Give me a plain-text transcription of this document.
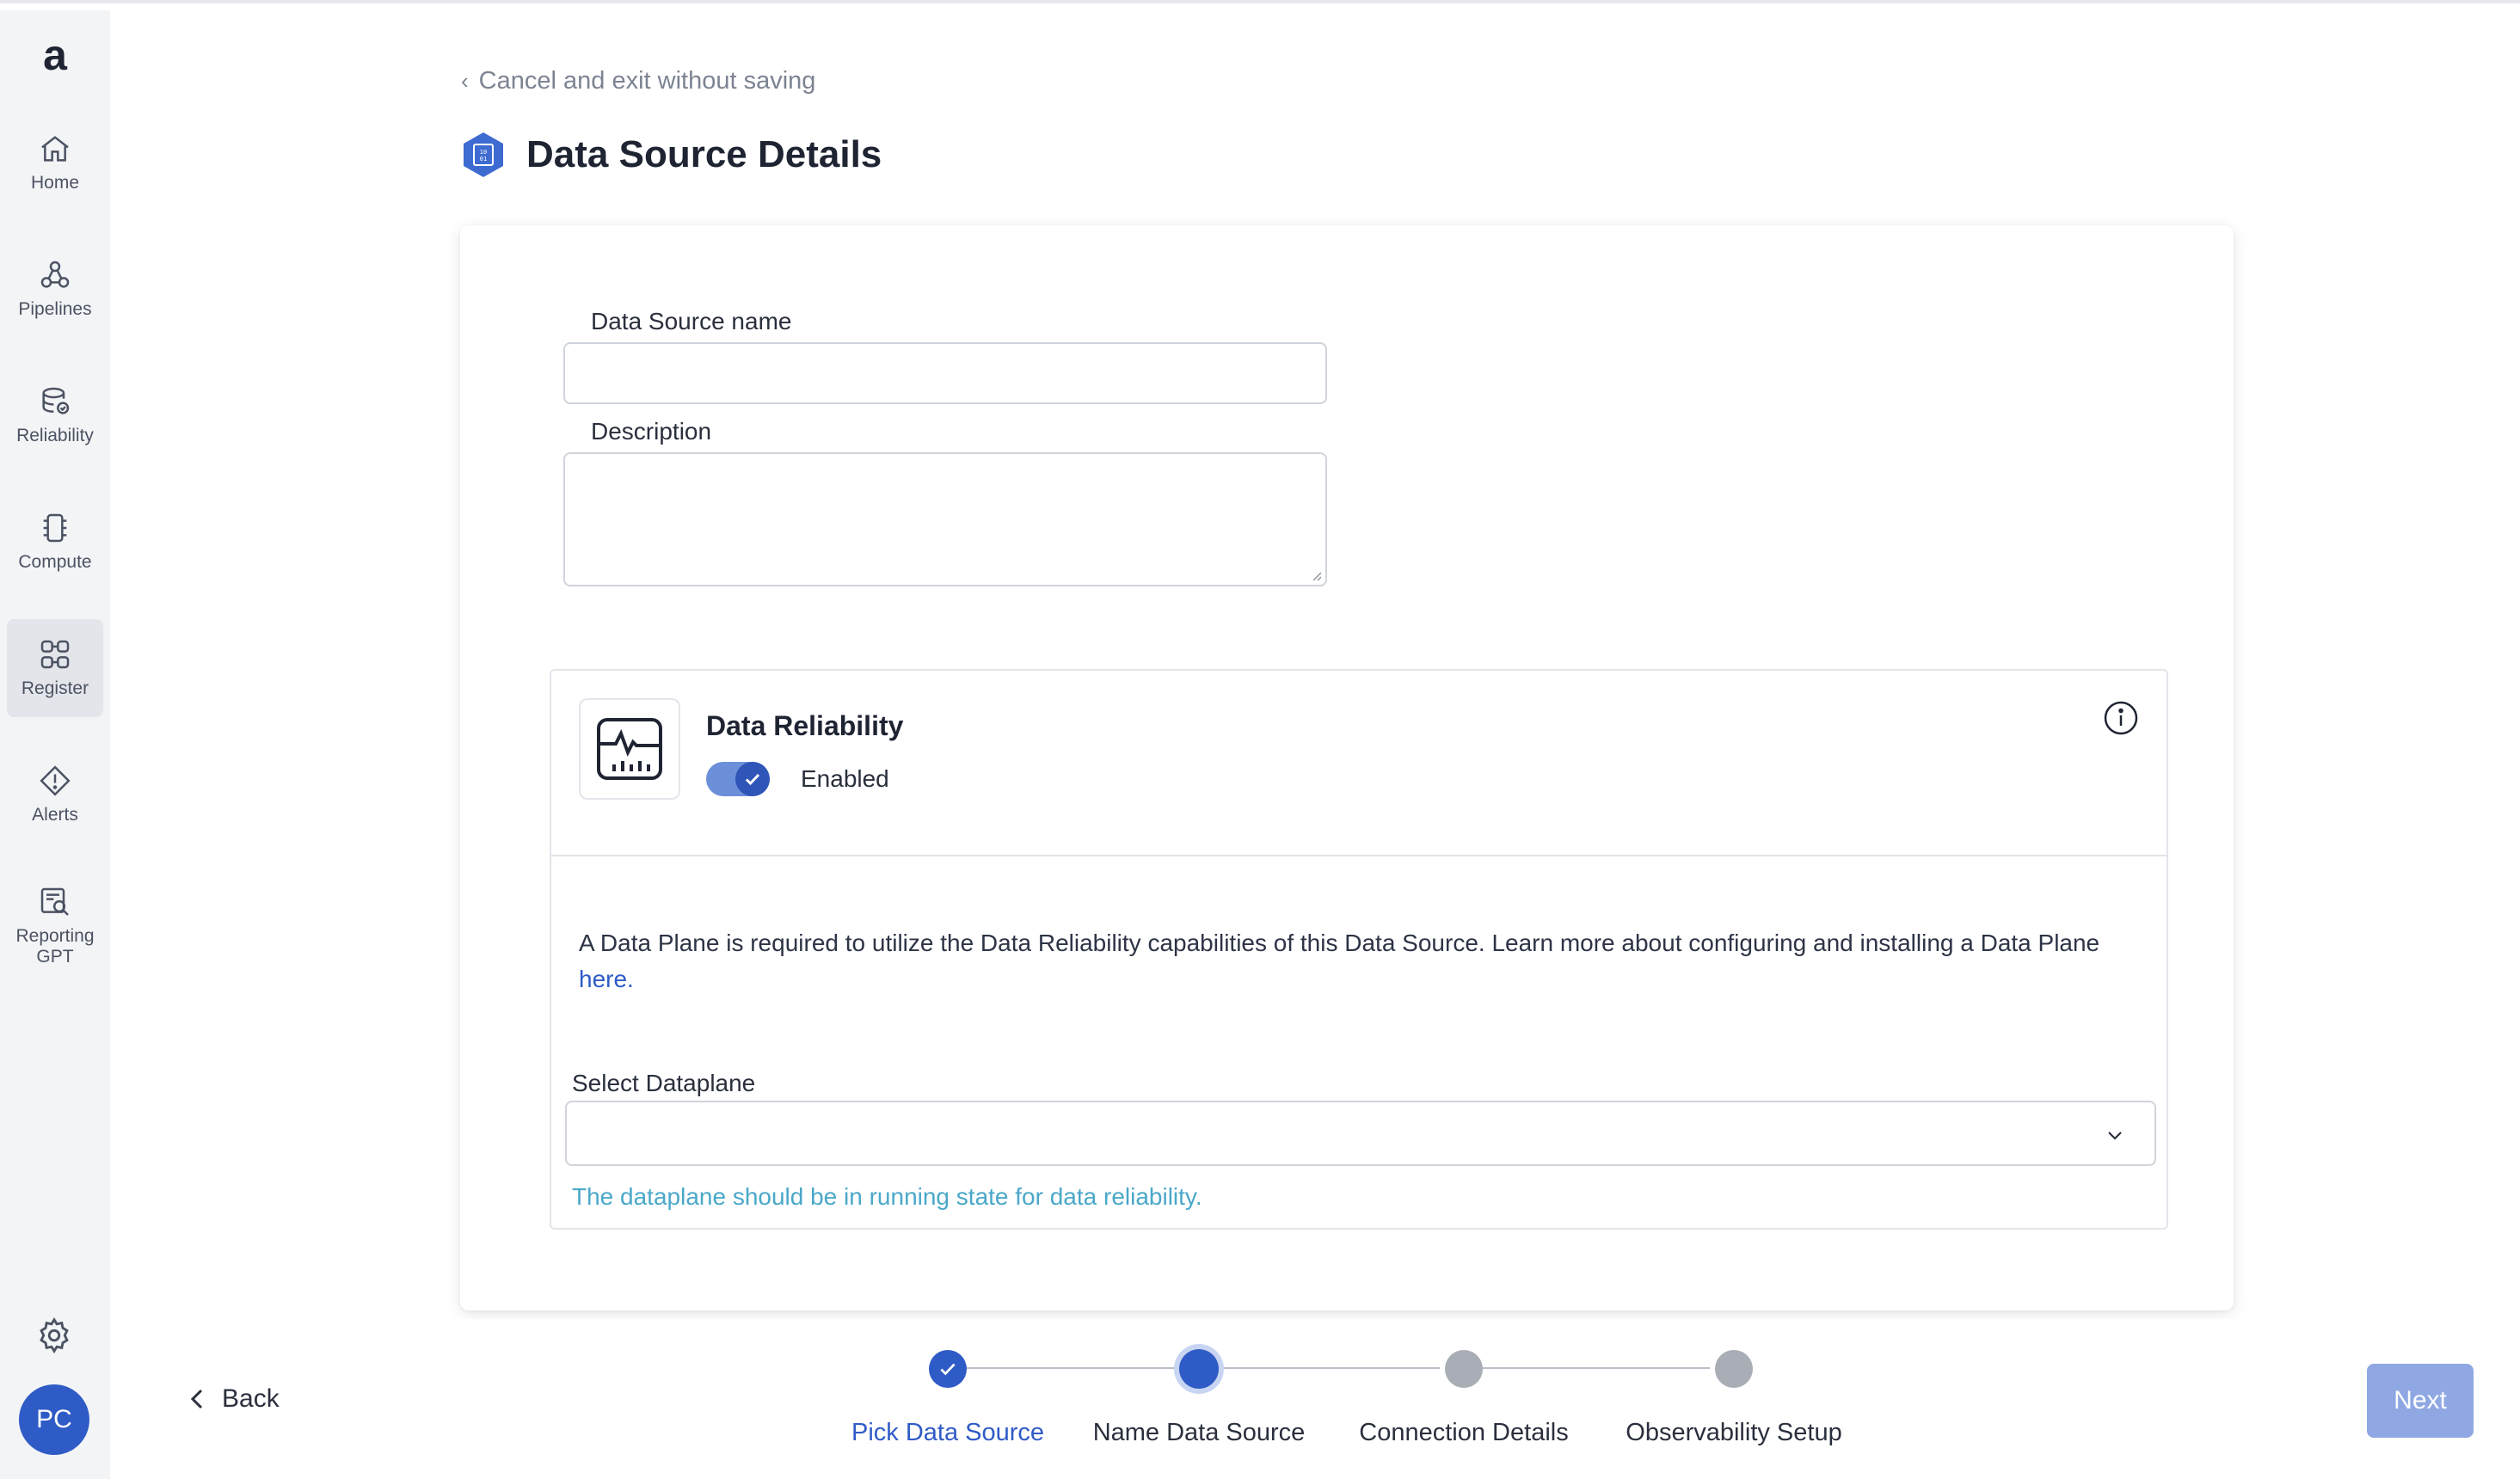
a
Home
Pipelines
Reliability
Compute
Register
Alerts
Reporting GPT
PC
‹ Cancel and exit without saving
10
01 Data Source Details
Data Source name
Description
Data Reliability
Enabled

A Data Plane is required to utilize the Data Reliability capabilities of this Data Source. Learn more about configuring and installing a Data Plane
here.

Select Dataplane
The dataplane should be in running state for data reliability.
Back
Pick Data Source Name Data Source Connection Details Observability Setup
Next
